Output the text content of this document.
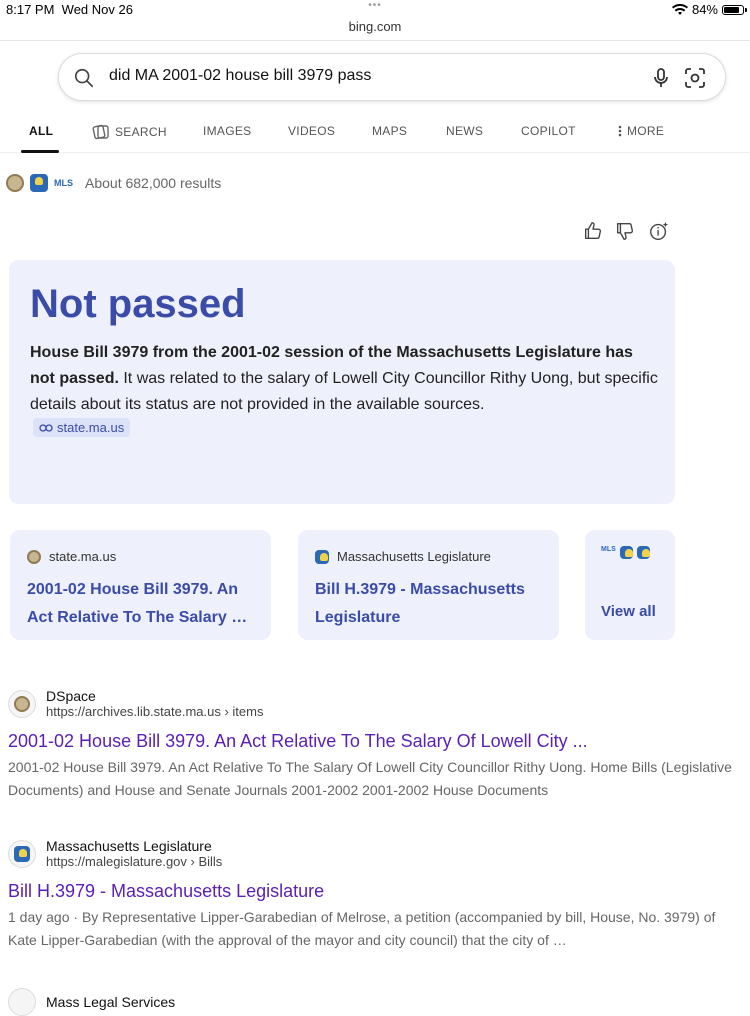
8:17 PM Wed Nov 26	•••	84%
bing.com
did MA 2001-02 house bill 3979 pass
ALL	SEARCH	IMAGES	VIDEOS	MAPS	NEWS	COPILOT	MORE
MLS About 682,000 results
Not passed
House Bill 3979 from the 2001-02 session of the Massachusetts Legislature has not passed. It was related to the salary of Lowell City Councillor Rithy Uong, but specific details about its status are not provided in the available sources.
state.ma.us
state.ma.us
2001-02 House Bill 3979. An
Act Relative To The Salary …
Massachusetts Legislature
Bill H.3979 - Massachusetts
Legislature
MLS
View all
DSpace
https://archives.lib.state.ma.us › items
2001-02 House Bill 3979. An Act Relative To The Salary Of Lowell City ...
2001-02 House Bill 3979. An Act Relative To The Salary Of Lowell City Councillor Rithy Uong. Home Bills (Legislative Documents) and House and Senate Journals 2001-2002 2001-2002 House Documents
Massachusetts Legislature
https://malegislature.gov › Bills
Bill H.3979 - Massachusetts Legislature
1 day ago · By Representative Lipper-Garabedian of Melrose, a petition (accompanied by bill, House, No. 3979) of Kate Lipper-Garabedian (with the approval of the mayor and city council) that the city of …
Mass Legal Services
